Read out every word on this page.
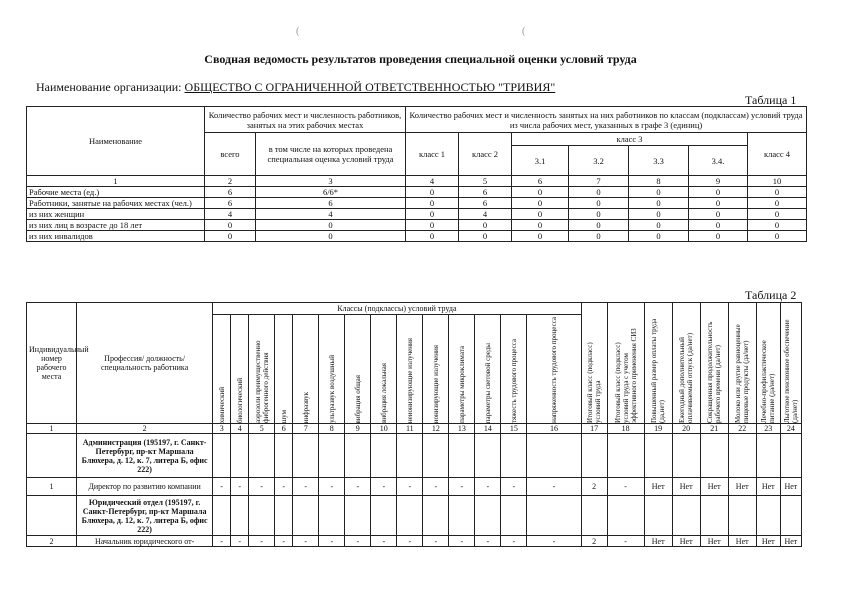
(	(
Сводная ведомость результатов проведения специальной оценки условий труда
Наименование организации: ОБЩЕСТВО С ОГРАНИЧЕННОЙ ОТВЕТСТВЕННОСТЬЮ "ТРИВИЯ"
Таблица 1
Наименование	Количество рабочих мест и численность работников, занятых на этих рабочих местах		Количество рабочих мест и численность занятых на них работников по классам (подклассам) условий труда из числа рабочих мест, указанных в графе 3 (единиц)						
	всего	в том числе на которых проведена специальная оценка условий труда	класс 1	класс 2	класс 3				класс 4
					3.1	3.2	3.3	3.4.	
1	2	3	4	5	6	7	8	9	10
Рабочие места (ед.)	6	6/6*	0	6	0	0	0	0	0
Работники, занятые на рабочих местах (чел.)	6	6	0	6	0	0	0	0	0
из них женщин	4	4	0	4	0	0	0	0	0
из них лиц в возрасте до 18 лет	0	0	0	0	0	0	0	0	0
из них инвалидов	0	0	0	0	0	0	0	0	0
Таблица 2
Индивидуальный номер рабочего места	Профессия/ должность/ специальность работника	Классы (подклассы) условий труда														Итоговый класс (подкласс) условий труда	Итоговый класс (подкласс) условий труда с учетом эффективного применения СИЗ	Повышенный размер оплаты труда (да,нет)	Ежегодный дополнительный оплачиваемый отпуск (да/нет)	Сокращенная продолжительность рабочего времени (да/нет)	Молоко или другие равноценные пищевые продукты (да/нет)	Лечебно-профилактическое питание (да/нет)	Льготное пенсионное обеспечение (да/нет)

		химический	биологический	аэрозоли преимущественно фиброгенного действия	шум	инфразвук	ультразвук воздушный	вибрация общая	вибрация локальная	неионизирующие излучения	ионизирующие излучения	параметры микроклимата	параметры световой среды	тяжесть трудового процесса	напряженность трудового процесса								

1	2	3	4	5	6	7	8	9	10	11	12	13	14	15	16	17	18	19	20	21	22	23	24
	Администрация (195197, г. Санкт-Петербург, пр-кт Маршала Блюхера, д. 12, к. 7, литера Б, офис 222)																						
1	Директор по развитию компании	-	-	-	-	-	-	-	-	-	-	-	-	-	-	2	-	Нет	Нет	Нет	Нет	Нет	Нет
	Юридический отдел (195197, г. Санкт-Петербург, пр-кт Маршала Блюхера, д. 12, к. 7, литера Б, офис 222)																						
2	Начальник юридического от-	-	-	-	-	-	-	-	-	-	-	-	-	-	-	2	-	Нет	Нет	Нет	Нет	Нет	Нет
